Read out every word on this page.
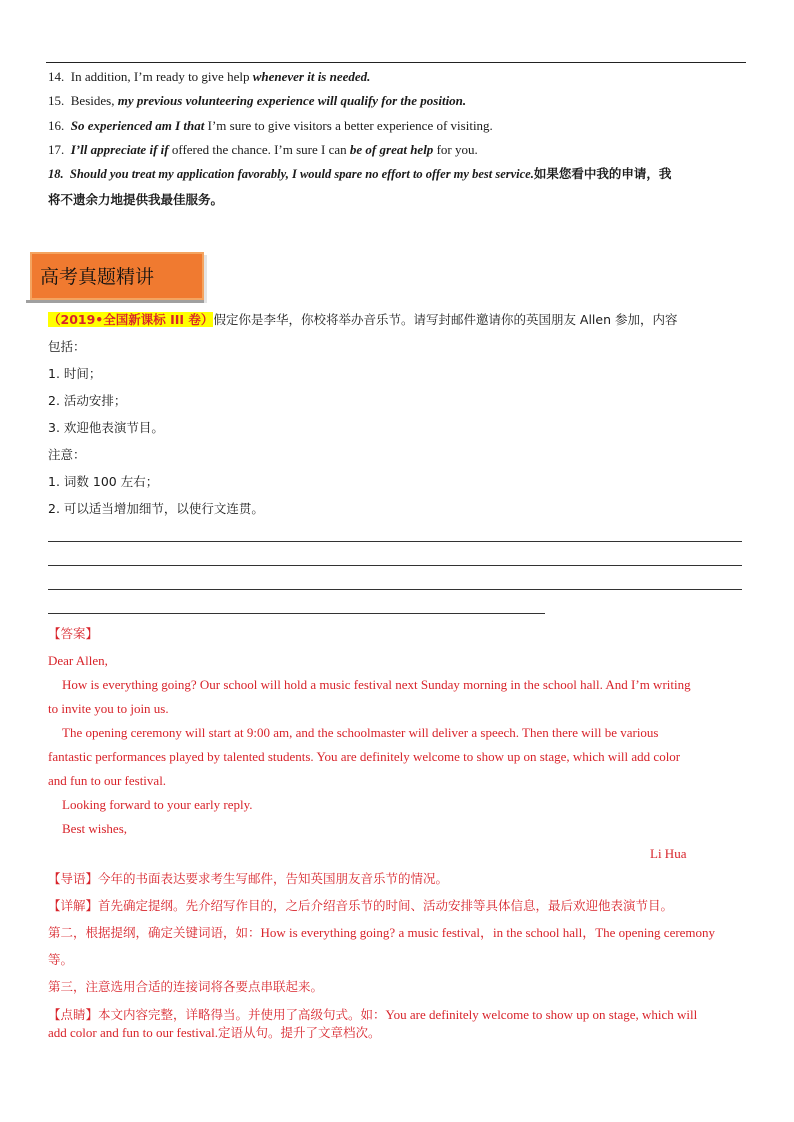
14. In addition, I’m ready to give help whenever it is needed.
15. Besides, my previous volunteering experience will qualify for the position.
16. So experienced am I that I’m sure to give visitors a better experience of visiting.
17. I’ll appreciate if if offered the chance. I’m sure I can be of great help for you.
18. Should you treat my application favorably, I would spare no effort to offer my best service.如果您看中我的申请，我
将不遗余力地提供我最佳服务。
高考真题精讲
（2019•全国新课标 III 卷）假定你是李华，你校将举办音乐节。请写封邮件邀请你的英国朋友 Allen 参加，内容
包括：
1. 时间；
2. 活动安排；
3. 欢迎他表演节目。
注意：
1. 词数 100 左右；
2. 可以适当增加细节，以使行文连贯。
【答案】
Dear Allen,
How is everything going? Our school will hold a music festival next Sunday morning in the school hall. And I’m writing
to invite you to join us.
The opening ceremony will start at 9:00 am, and the schoolmaster will deliver a speech. Then there will be various
fantastic performances played by talented students. You are definitely welcome to show up on stage, which will add color
and fun to our festival.
Looking forward to your early reply.
Best wishes,
Li Hua
【导语】今年的书面表达要求考生写邮件，告知英国朋友音乐节的情况。
【详解】首先确定提纲。先介绍写作目的，之后介绍音乐节的时间、活动安排等具体信息，最后欢迎他表演节目。
第二，根据提纲，确定关键词语，如：How is everything going? a music festival，in the school hall，The opening ceremony
等。
第三，注意选用合适的连接词将各要点串联起来。
【点睛】本文内容完整，详略得当。并使用了高级句式。如：You are definitely welcome to show up on stage, which will
add color and fun to our festival.定语从句。提升了文章档次。
